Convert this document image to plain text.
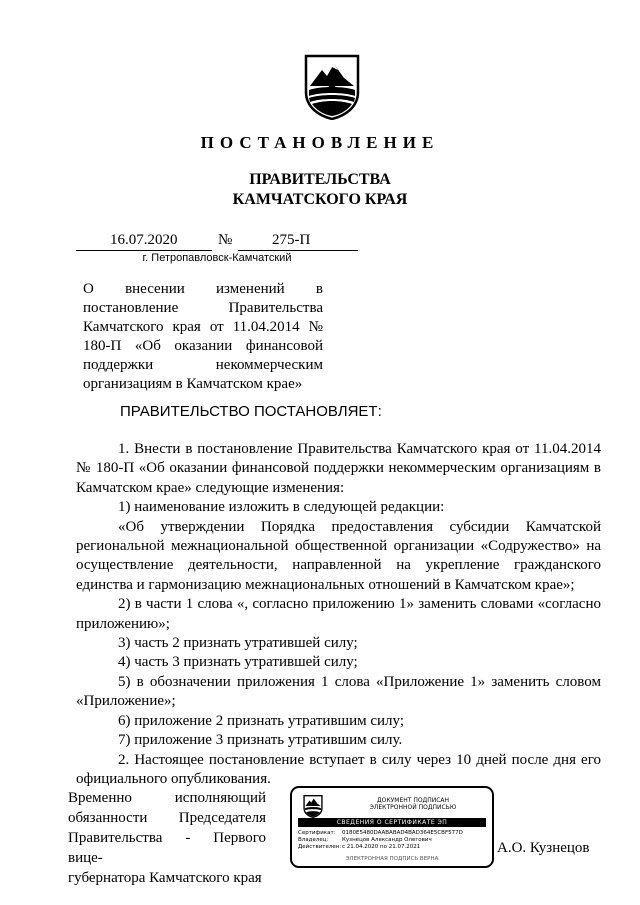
ПОСТАНОВЛЕНИЕ
ПРАВИТЕЛЬСТВА
КАМЧАТСКОГО КРАЯ
16.07.2020	№	275-П
г. Петропавловск-Камчатский
О внесении изменений в
постановление Правительства
Камчатского края от 11.04.2014 №
180-П «Об оказании финансовой
поддержки некоммерческим
организациям в Камчатском крае»
ПРАВИТЕЛЬСТВО ПОСТАНОВЛЯЕТ:

1. Внести в постановление Правительства Камчатского края от 11.04.2014 № 180-П «Об оказании финансовой поддержки некоммерческим организациям в Камчатском крае» следующие изменения:

1) наименование изложить в следующей редакции:

«Об утверждении Порядка предоставления субсидии Камчатской региональной межнациональной общественной организации «Содружество» на осуществление деятельности, направленной на укрепление гражданского единства и гармонизацию межнациональных отношений в Камчатском крае»;

2) в части 1 слова «, согласно приложению 1» заменить словами «согласно приложению»;

3) часть 2 признать утратившей силу;

4) часть 3 признать утратившей силу;

5) в обозначении приложения 1 слова «Приложение 1» заменить словом «Приложение»;

6) приложение 2 признать утратившим силу;

7) приложение 3 признать утратившим силу.

2. Настоящее постановление вступает в силу через 10 дней после дня его официального опубликования.

Временно исполняющий
обязанности Председателя
Правительства - Первого вице-
губернатора Камчатского края
ДОКУМЕНТ ПОДПИСАН
ЭЛЕКТРОННОЙ ПОДПИСЬЮ
СВЕДЕНИЯ О СЕРТИФИКАТЕ ЭП
Сертификат: 0180E5480DAABABAD4BAD364E5CBF577D
Владелец: Кузнецов Александр Олегович
Действителен:с 21.04.2020 по 21.07.2021
ЭЛЕКТРОННАЯ ПОДПИСЬ ВЕРНА
А.О. Кузнецов
